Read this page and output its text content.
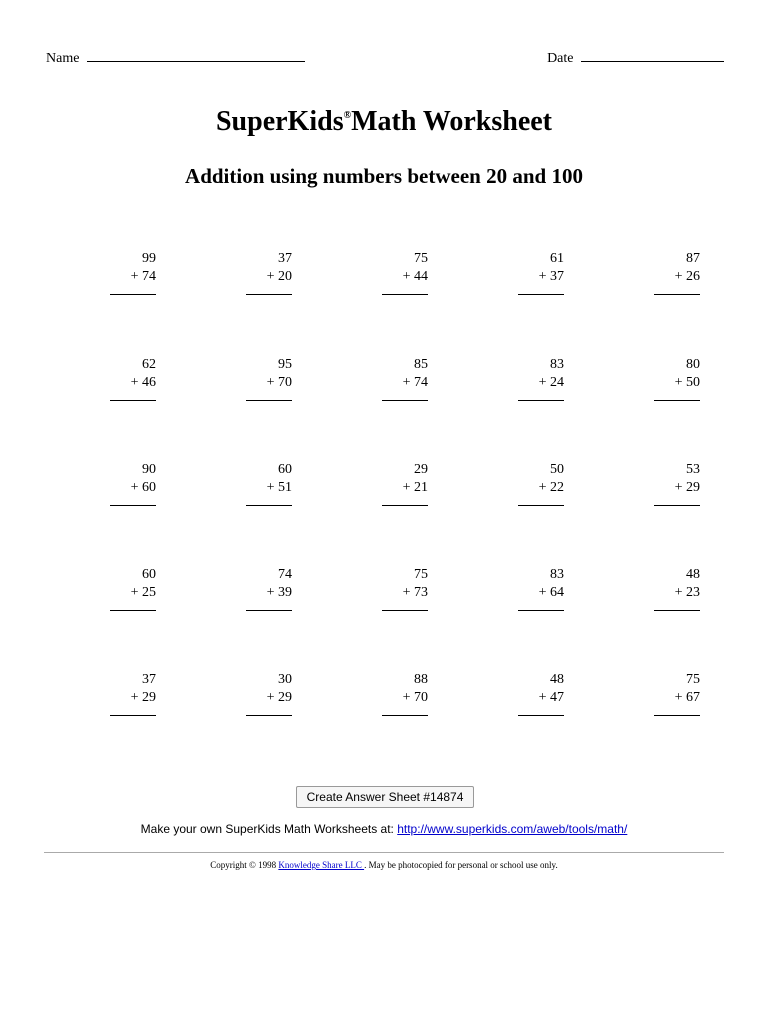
Name	Date
SuperKids®Math Worksheet
Addition using numbers between 20 and 100
99
+ 74
37
+ 20
75
+ 44
61
+ 37
87
+ 26
62
+ 46
95
+ 70
85
+ 74
83
+ 24
80
+ 50
90
+ 60
60
+ 51
29
+ 21
50
+ 22
53
+ 29
60
+ 25
74
+ 39
75
+ 73
83
+ 64
48
+ 23
37
+ 29
30
+ 29
88
+ 70
48
+ 47
75
+ 67
Create Answer Sheet #14874
Make your own SuperKids Math Worksheets at: http://www.superkids.com/aweb/tools/math/
Copyright © 1998 Knowledge Share LLC . May be photocopied for personal or school use only.
